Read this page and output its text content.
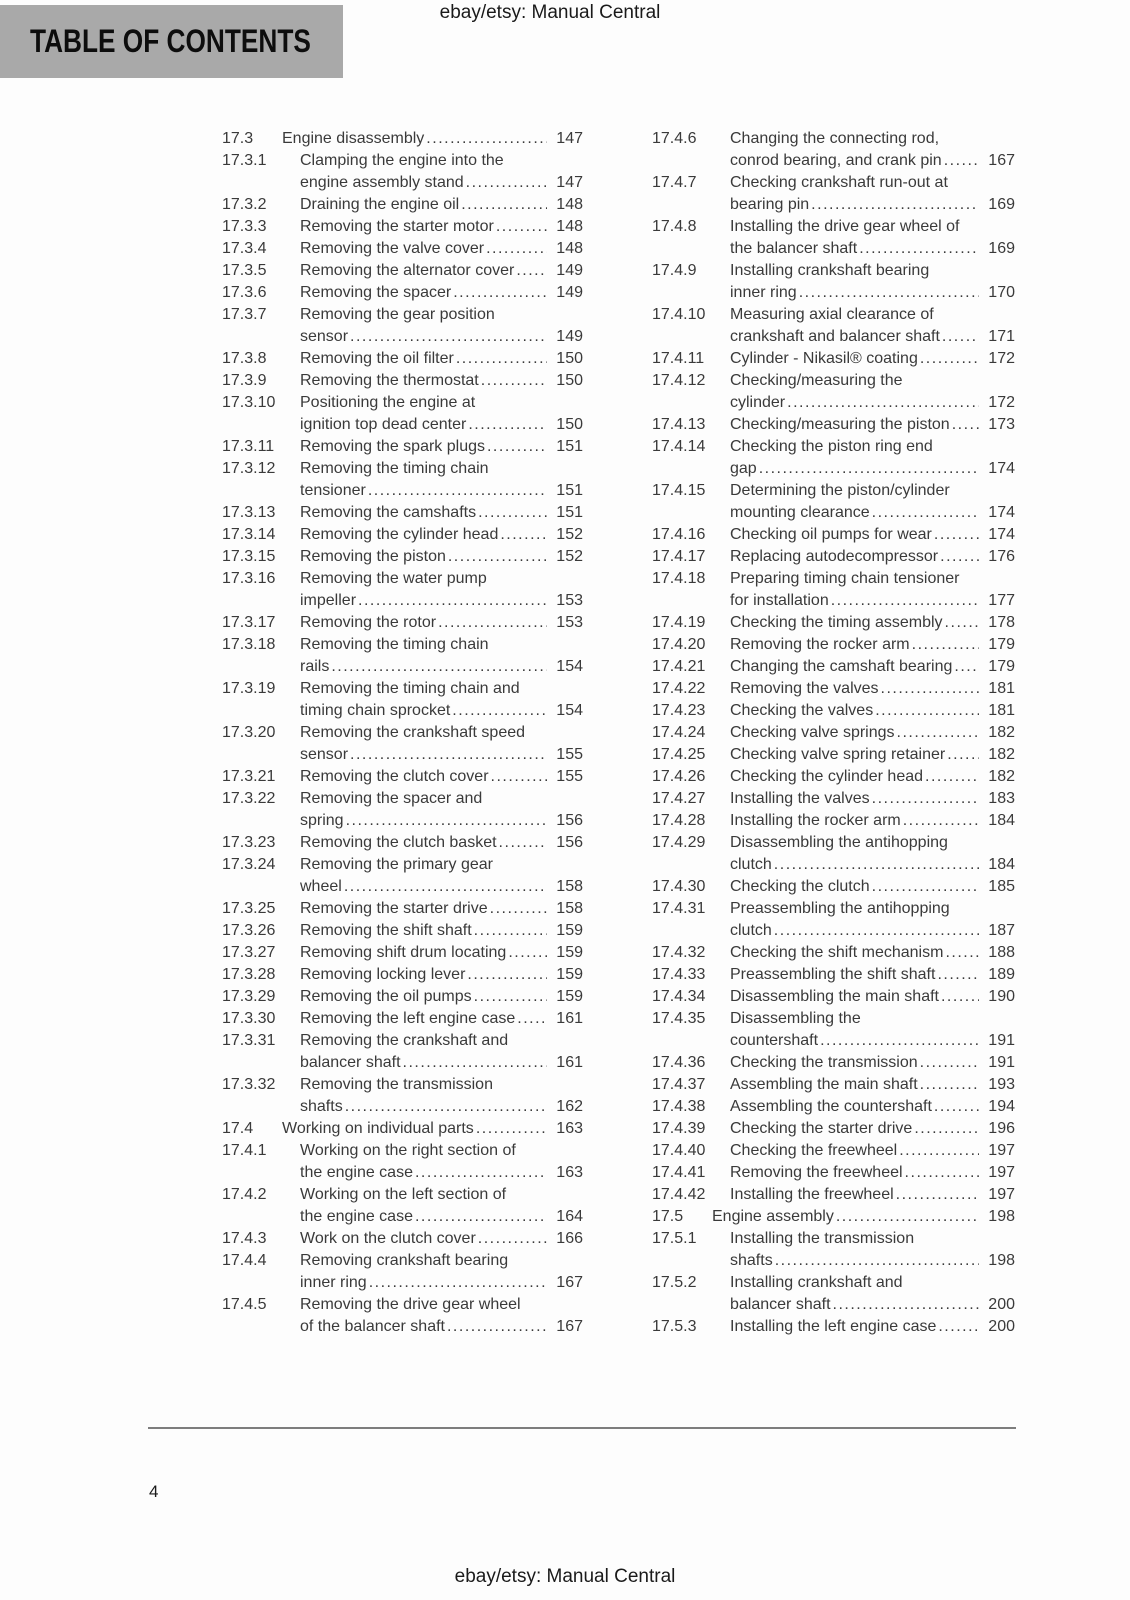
ebay/etsy: Manual Central
TABLE OF CONTENTS
17.3	Engine disassembly .....	147
17.3.1	Clamping the engine into the
engine assembly stand .....	147
17.3.2	Draining the engine oil .....	148
17.3.3	Removing the starter motor .....	148
17.3.4	Removing the valve cover .....	148
17.3.5	Removing the alternator cover .....	149
17.3.6	Removing the spacer .....	149
17.3.7	Removing the gear position
sensor .....	149
17.3.8	Removing the oil filter .....	150
17.3.9	Removing the thermostat .....	150
17.3.10	Positioning the engine at
ignition top dead center .....	150
17.3.11	Removing the spark plugs .....	151
17.3.12	Removing the timing chain
tensioner .....	151
17.3.13	Removing the camshafts .....	151
17.3.14	Removing the cylinder head .....	152
17.3.15	Removing the piston .....	152
17.3.16	Removing the water pump
impeller .....	153
17.3.17	Removing the rotor .....	153
17.3.18	Removing the timing chain
rails .....	154
17.3.19	Removing the timing chain and
timing chain sprocket .....	154
17.3.20	Removing the crankshaft speed
sensor .....	155
17.3.21	Removing the clutch cover .....	155
17.3.22	Removing the spacer and
spring .....	156
17.3.23	Removing the clutch basket .....	156
17.3.24	Removing the primary gear
wheel .....	158
17.3.25	Removing the starter drive .....	158
17.3.26	Removing the shift shaft .....	159
17.3.27	Removing shift drum locating .....	159
17.3.28	Removing locking lever .....	159
17.3.29	Removing the oil pumps .....	159
17.3.30	Removing the left engine case .....	161
17.3.31	Removing the crankshaft and
balancer shaft .....	161
17.3.32	Removing the transmission
shafts .....	162
17.4	Working on individual parts .....	163
17.4.1	Working on the right section of
the engine case .....	163
17.4.2	Working on the left section of
the engine case .....	164
17.4.3	Work on the clutch cover .....	166
17.4.4	Removing crankshaft bearing
inner ring .....	167
17.4.5	Removing the drive gear wheel
of the balancer shaft .....	167
17.4.6	Changing the connecting rod,
conrod bearing, and crank pin .....	167
17.4.7	Checking crankshaft run-out at
bearing pin .....	169
17.4.8	Installing the drive gear wheel of
the balancer shaft .....	169
17.4.9	Installing crankshaft bearing
inner ring .....	170
17.4.10	Measuring axial clearance of
crankshaft and balancer shaft .....	171
17.4.11	Cylinder - Nikasil® coating .....	172
17.4.12	Checking/measuring the
cylinder .....	172
17.4.13	Checking/measuring the piston .....	173
17.4.14	Checking the piston ring end
gap .....	174
17.4.15	Determining the piston/cylinder
mounting clearance .....	174
17.4.16	Checking oil pumps for wear .....	174
17.4.17	Replacing autodecompressor .....	176
17.4.18	Preparing timing chain tensioner
for installation .....	177
17.4.19	Checking the timing assembly .....	178
17.4.20	Removing the rocker arm .....	179
17.4.21	Changing the camshaft bearing .....	179
17.4.22	Removing the valves .....	181
17.4.23	Checking the valves .....	181
17.4.24	Checking valve springs .....	182
17.4.25	Checking valve spring retainer .....	182
17.4.26	Checking the cylinder head .....	182
17.4.27	Installing the valves .....	183
17.4.28	Installing the rocker arm .....	184
17.4.29	Disassembling the antihopping
clutch .....	184
17.4.30	Checking the clutch .....	185
17.4.31	Preassembling the antihopping
clutch .....	187
17.4.32	Checking the shift mechanism .....	188
17.4.33	Preassembling the shift shaft .....	189
17.4.34	Disassembling the main shaft .....	190
17.4.35	Disassembling the
countershaft .....	191
17.4.36	Checking the transmission .....	191
17.4.37	Assembling the main shaft .....	193
17.4.38	Assembling the countershaft .....	194
17.4.39	Checking the starter drive .....	196
17.4.40	Checking the freewheel .....	197
17.4.41	Removing the freewheel .....	197
17.4.42	Installing the freewheel .....	197
17.5	Engine assembly .....	198
17.5.1	Installing the transmission
shafts .....	198
17.5.2	Installing crankshaft and
balancer shaft .....	200
17.5.3	Installing the left engine case .....	200
4
ebay/etsy: Manual Central
